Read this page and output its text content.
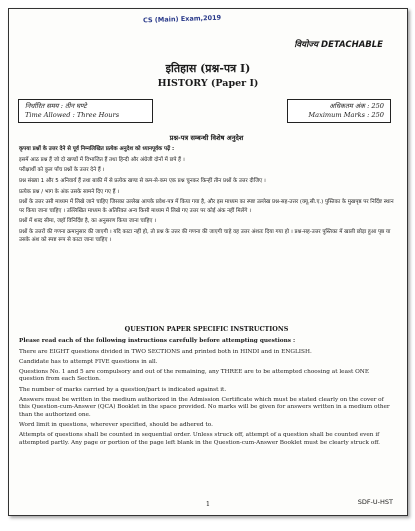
CS (Main) Exam,2019
वियोज्य DETACHABLE
इतिहास (प्रश्न-पत्र I)
HISTORY (Paper I)
निर्धारित समय : तीन घण्टे
Time Allowed : Three Hours
अधिकतम अंक : 250
Maximum Marks : 250
प्रश्न-पत्र सम्बन्धी विशेष अनुदेश
कृपया प्रश्नों के उत्तर देने से पूर्व निम्नलिखित प्रत्येक अनुदेश को ध्यानपूर्वक पढ़ें :

इसमें आठ प्रश्न हैं जो दो खण्डों में विभाजित हैं तथा हिन्दी और अंग्रेजी दोनों में छपे हैं ।

परीक्षार्थी को कुल पाँच प्रश्नों के उत्तर देने हैं ।

प्रश्न संख्या 1 और 5 अनिवार्य हैं तथा बाकी में से प्रत्येक खण्ड से कम-से-कम एक प्रश्न चुनकर किन्हीं तीन प्रश्नों के उत्तर दीजिए ।

प्रत्येक प्रश्न / भाग के अंक उसके सामने दिए गए हैं ।

प्रश्नों के उत्तर उसी माध्यम में लिखे जाने चाहिए जिसका उल्लेख आपके प्रवेश-पत्र में किया गया है, और इस माध्यम का स्पष्ट उल्लेख प्रश्न-सह-उत्तर (क्यू.सी.ए.) पुस्तिका के मुखपृष्ठ पर निर्दिष्ट स्थान पर किया जाना चाहिए । उल्लिखित माध्यम के अतिरिक्त अन्य किसी माध्यम में लिखे गए उत्तर पर कोई अंक नहीं मिलेंगे ।

प्रश्नों में शब्द सीमा, जहाँ विनिर्दिष्ट है, का अनुसरण किया जाना चाहिए ।

प्रश्नों के उत्तरों की गणना क्रमानुसार की जाएगी । यदि काटा नहीं हो, तो प्रश्न के उत्तर की गणना की जाएगी चाहे वह उत्तर अंशतः दिया गया हो । प्रश्न-सह-उत्तर पुस्तिका में खाली छोड़ा हुआ पृष्ठ या उसके अंश को स्पष्ट रूप से काटा जाना चाहिए ।

QUESTION PAPER SPECIFIC INSTRUCTIONS
Please read each of the following instructions carefully before attempting questions :

There are EIGHT questions divided in TWO SECTIONS and printed both in HINDI and in ENGLISH.

Candidate has to attempt FIVE questions in all.

Questions No. 1 and 5 are compulsory and out of the remaining, any THREE are to be attempted choosing at least ONE question from each Section.

The number of marks carried by a question/part is indicated against it.

Answers must be written in the medium authorized in the Admission Certificate which must be stated clearly on the cover of this Question-cum-Answer (QCA) Booklet in the space provided. No marks will be given for answers written in a medium other than the authorized one.

Word limit in questions, wherever specified, should be adhered to.

Attempts of questions shall be counted in sequential order. Unless struck off, attempt of a question shall be counted even if attempted partly. Any page or portion of the page left blank in the Question-cum-Answer Booklet must be clearly struck off.

1	SDF-U-HST
